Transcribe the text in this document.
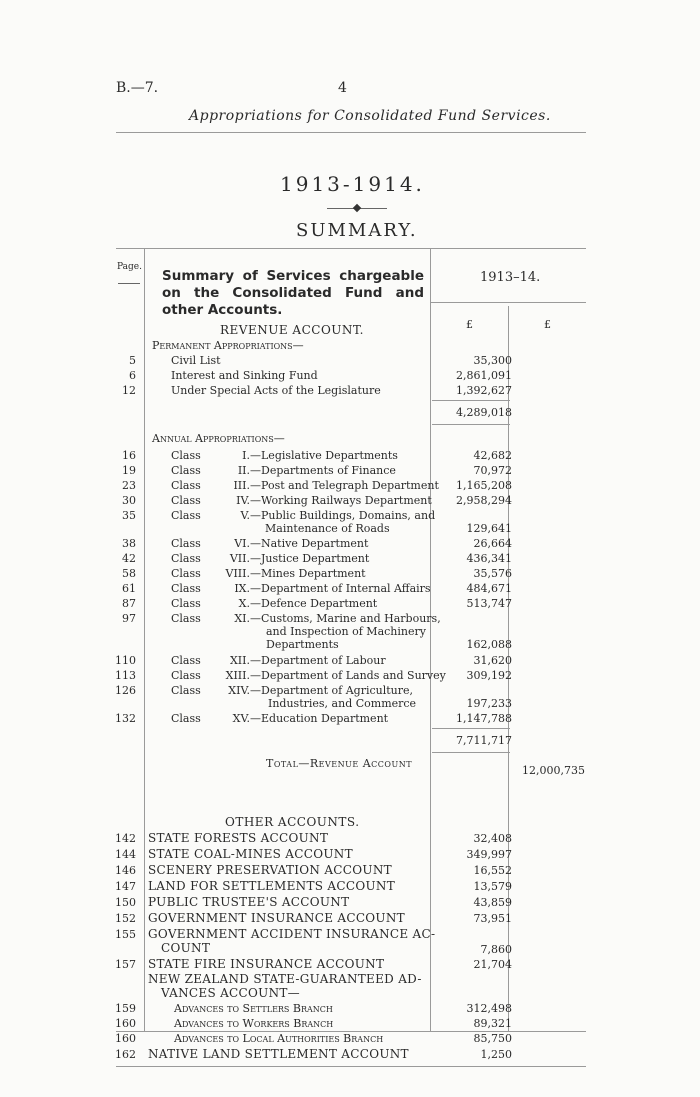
B.—7.	4
Appropriations for Consolidated Fund Services.
1913-1914.
SUMMARY.
Page.
Summary of Services chargeable on the Consolidated Fund and other Accounts.
1913–14.
£	£
REVENUE ACCOUNT.
Permanent Appropriations—
5	Civil List	35,300
6	Interest and Sinking Fund	2,861,091
12	Under Special Acts of the Legislature	1,392,627
4,289,018
Annual Appropriations—
16	Class	I. —Legislative Departments	42,682
19	Class	II. —Departments of Finance	70,972
23	Class	III. —Post and Telegraph Department 1,165,208
30	Class	IV. —Working Railways Department 2,958,294
35	Class	V. —Public Buildings, Domains, and
Maintenance of Roads	129,641
38	Class	VI. —Native Department	26,664
42	Class	VII. —Justice Department	436,341
58	Class	VIII. —Mines Department	35,576
61	Class	IX. —Department of Internal Affairs	484,671
87	Class	X. —Defence Department	513,747
97	Class	XI. —Customs, Marine and Harbours,
and Inspection of Machinery
Departments	162,088
110	Class	XII. —Department of Labour	31,620
113	Class	XIII. —Department of Lands and Survey 309,192
126	Class	XIV. —Department of Agriculture,
Industries, and Commerce	197,233
132	Class	XV. —Education Department	1,147,788
7,711,717
Total—Revenue Account
12,000,735
OTHER ACCOUNTS.
142 STATE FORESTS ACCOUNT	32,408
144 STATE COAL-MINES ACCOUNT	349,997
146 SCENERY PRESERVATION ACCOUNT	16,552
147 LAND FOR SETTLEMENTS ACCOUNT	13,579
150 PUBLIC TRUSTEE'S ACCOUNT	43,859
152 GOVERNMENT INSURANCE ACCOUNT	73,951
155 GOVERNMENT ACCIDENT INSURANCE AC-
COUNT	7,860
157 STATE FIRE INSURANCE ACCOUNT	21,704
NEW ZEALAND STATE-GUARANTEED AD-
VANCES ACCOUNT—
159	Advances to Settlers Branch	312,498
160	Advances to Workers Branch	89,321
160	Advances to Local Authorities Branch	85,750
162 NATIVE LAND SETTLEMENT ACCOUNT	1,250
